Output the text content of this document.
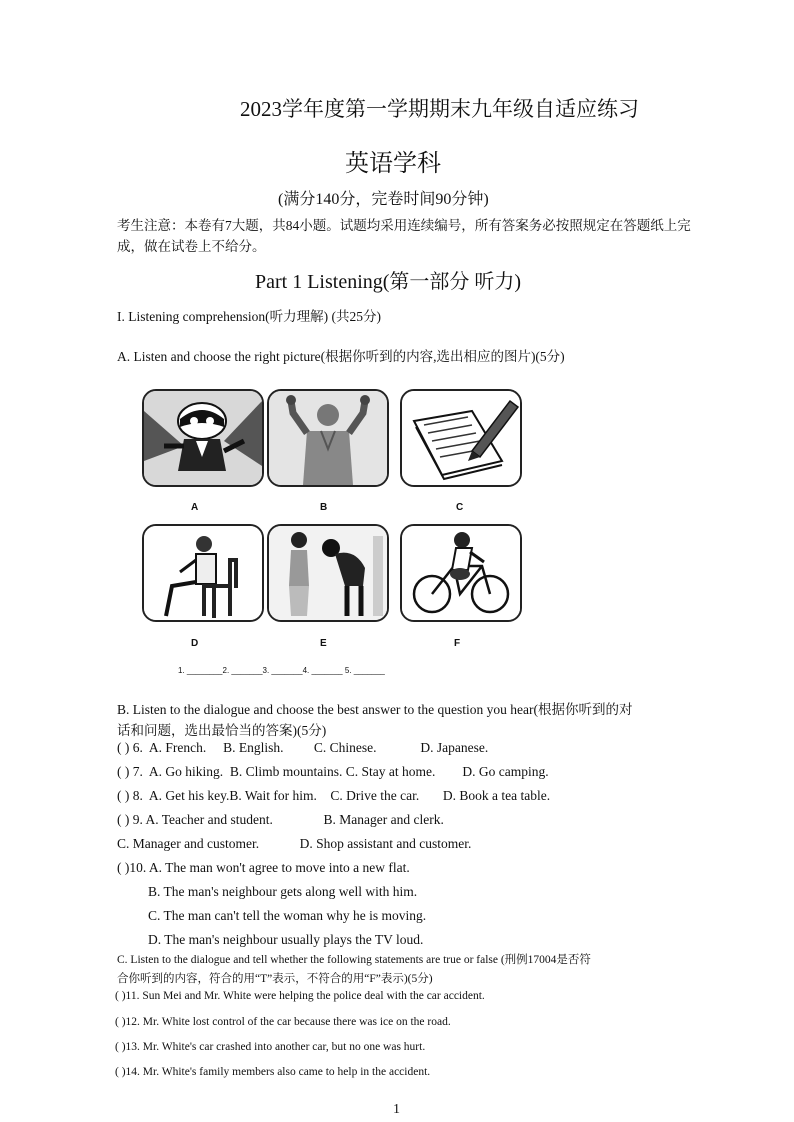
2023学年度第一学期期末九年级自适应练习
英语学科
(满分140分，完卷时间90分钟)
考生注意：本卷有7大题，共84小题。试题均采用连续编号，所有答案务必按照规定在答题纸上完成，做在试卷上不给分。
Part 1 Listening(第一部分 听力)
I. Listening comprehension(听力理解) (共25分)
A. Listen and choose the right picture(根据你听到的内容,选出相应的图片)(5分)
A	B	C
D	E	F
1. ________2. _______3. _______4. _______ 5. _______
B. Listen to the dialogue and choose the best answer to the question you hear(根据你听到的对
话和问题，选出最恰当的答案)(5分)
( ) 6.  A. French.     B. English.         C. Chinese.             D. Japanese.
( ) 7.  A. Go hiking.  B. Climb mountains. C. Stay at home.        D. Go camping.
( ) 8.  A. Get his key.B. Wait for him.    C. Drive the car.       D. Book a tea table.
( ) 9. A. Teacher and student.               B. Manager and clerk.
C. Manager and customer.            D. Shop assistant and customer.
( )10. A. The man won't agree to move into a new flat.
B. The man's neighbour gets along well with him.
C. The man can't tell the woman why he is moving.
D. The man's neighbour usually plays the TV loud.
C. Listen to the dialogue and tell whether the following statements are true or false (刑例17004是否符
合你听到的内容，符合的用“T”表示，不符合的用“F”表示)(5分)
( )11. Sun Mei and Mr. White were helping the police deal with the car accident.
( )12. Mr. White lost control of the car because there was ice on the road.
( )13. Mr. White's car crashed into another car, but no one was hurt.
( )14. Mr. White's family members also came to help in the accident.
1
